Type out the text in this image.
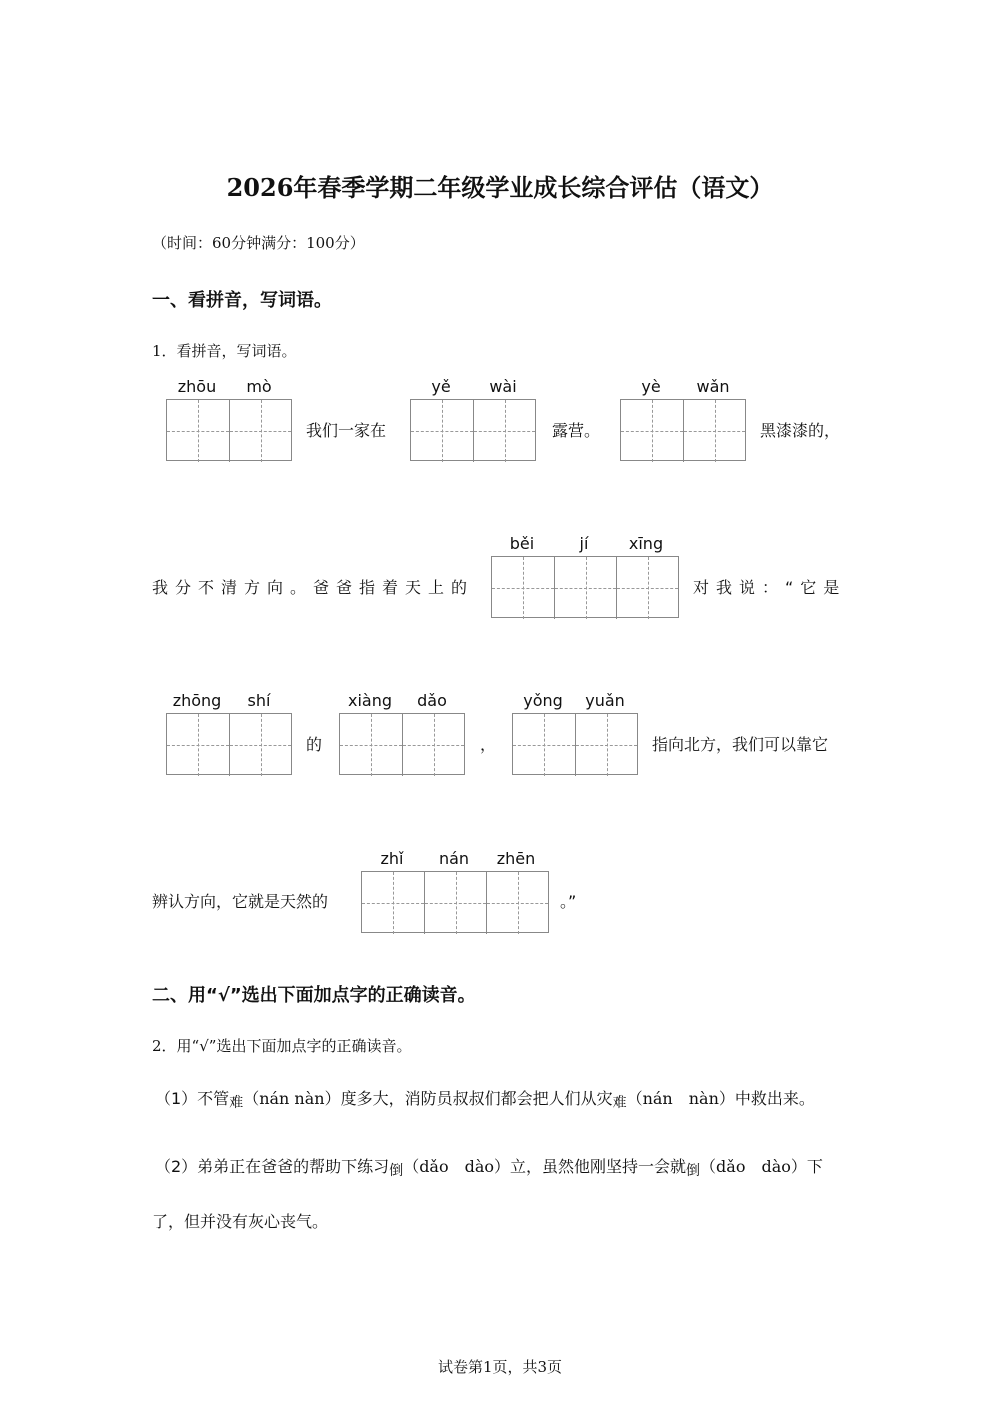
2026年春季学期二年级学业成长综合评估（语文）
（时间：60分钟满分：100分）
一、看拼音，写词语。
1．看拼音，写词语。
zhōu	mò
我们一家在
yě	wài
露营。
yè	wǎn
黑漆漆的，
我分不清方向。爸爸指着天上的
běi	jí	xīng
对我说：“它是
zhōng	shí
的
xiàng	dǎo
，
yǒng	yuǎn
指向北方，我们可以靠它
辨认方向，它就是天然的
zhǐ	nán	zhēn
。”
二、用“√”选出下面加点字的正确读音。
2．用“√”选出下面加点字的正确读音。
（1）不管难（nán nàn）度多大，消防员叔叔们都会把人们从灾难（nán　nàn）中救出来。
（2）弟弟正在爸爸的帮助下练习倒（dǎo　dào）立，虽然他刚坚持一会就倒（dǎo　dào）下
了，但并没有灰心丧气。
试卷第1页，共3页
